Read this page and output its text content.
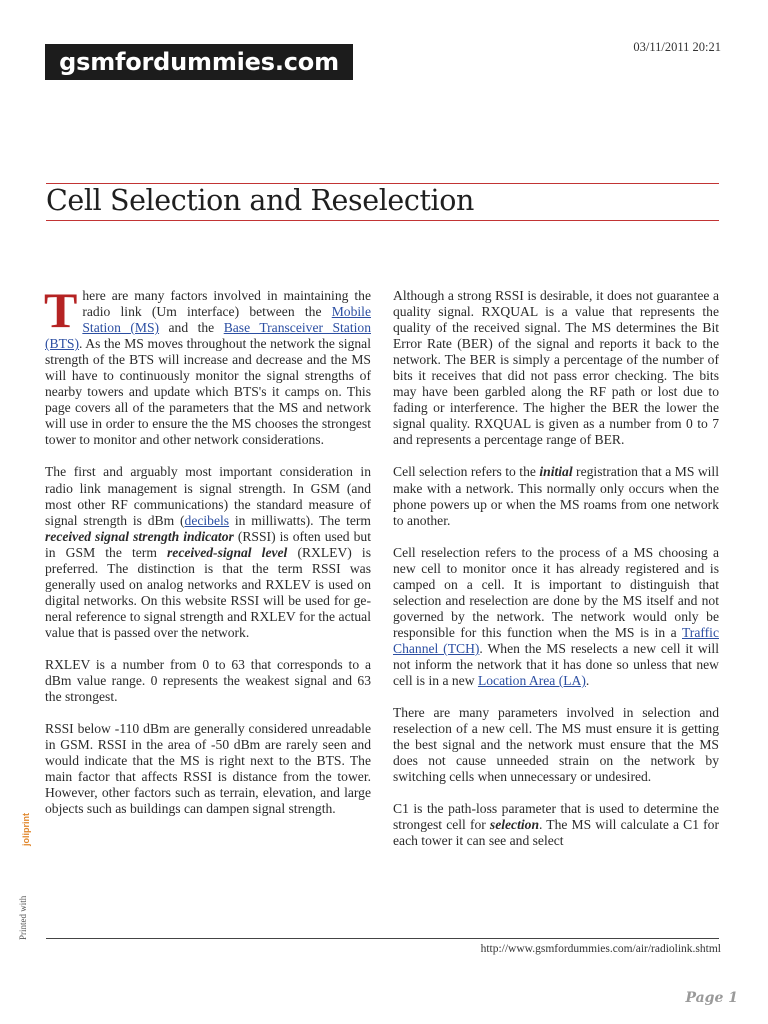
gsmfordummies.com
03/11/2011 20:21
Cell Selection and Reselection

There are many factors involved in maintaining the radio link (Um interface) between the Mobile Station (MS) and the Base Transceiver Station (BTS). As the MS moves throughout the network the signal strength of the BTS will increase and decrease and the MS will have to continuously monitor the signal strengths of nearby towers and update which BTS's it camps on. This page covers all of the parameters that the MS and network will use in order to ensure the the MS chooses the strongest tower to monitor and other network considerations.

The first and arguably most important consideration in radio link management is signal strength. In GSM (and most other RF communications) the standard measure of signal strength is dBm (decibels in milliwatts). The term received signal strength indicator (RSSI) is often used but in GSM the term received-signal level (RXLEV) is preferred. The distinction is that the term RSSI was generally used on analog networks and RXLEV is used on digital networks. On this website RSSI will be used for general reference to signal strength and RXLEV for the actual value that is passed over the network.

RXLEV is a number from 0 to 63 that corresponds to a dBm value range. 0 represents the weakest signal and 63 the strongest.

RSSI below -110 dBm are generally considered unreadable in GSM. RSSI in the area of -50 dBm are rarely seen and would indicate that the MS is right next to the BTS. The main factor that affects RSSI is distance from the tower. However, other factors such as terrain, elevation, and large objects such as buildings can dampen signal strength.

Although a strong RSSI is desirable, it does not guarantee a quality signal. RXQUAL is a value that represents the quality of the received signal. The MS determines the Bit Error Rate (BER) of the signal and reports it back to the network. The BER is simply a percentage of the number of bits it receives that did not pass error checking. The bits may have been garbled along the RF path or lost due to fading or interference. The higher the BER the lower the signal quality. RXQUAL is given as a number from 0 to 7 and represents a percentage range of BER.

Cell selection refers to the initial registration that a MS will make with a network. This normally only occurs when the phone powers up or when the MS roams from one network to another.

Cell reselection refers to the process of a MS choosing a new cell to monitor once it has already registered and is camped on a cell. It is important to distinguish that selection and reselection are done by the MS itself and not governed by the network. The network would only be responsible for this function when the MS is in a Traffic Channel (TCH). When the MS reselects a new cell it will not inform the network that it has done so unless that new cell is in a new Location Area (LA).

There are many parameters involved in selection and reselection of a new cell. The MS must ensure it is getting the best signal and the network must ensure that the MS does not cause unneeded strain on the network by switching cells when unnecessary or undesired.

C1 is the path-loss parameter that is used to determine the strongest cell for selection. The MS will calculate a C1 for each tower it can see and select

Printed with
joliprint
http://www.gsmfordummies.com/air/radiolink.shtml
Page 1
